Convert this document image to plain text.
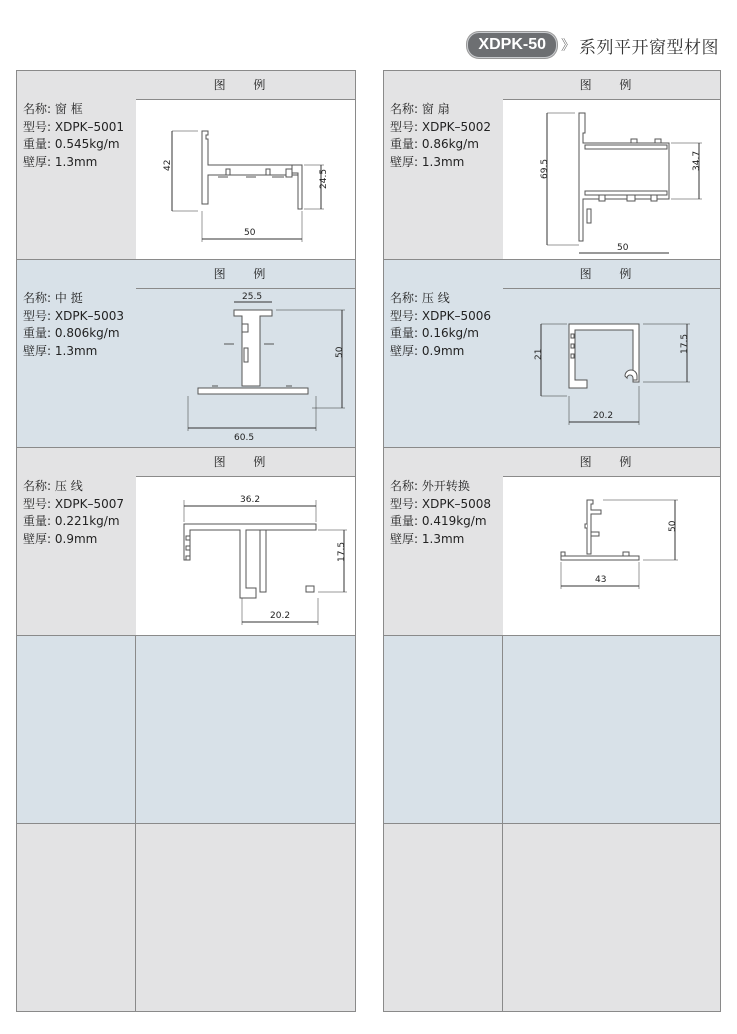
XDPK-50	》 系列平开窗型材图
名称: 窗 框
型号: XDPK–5001
重量: 0.545kg/m
壁厚: 1.3mm
图 例
42
24.5
50
名称: 中 挺
型号: XDPK–5003
重量: 0.806kg/m
壁厚: 1.3mm
图 例
25.5
50
60.5
名称: 压 线
型号: XDPK–5007
重量: 0.221kg/m
壁厚: 0.9mm
图 例
36.2
17.5
20.2
名称: 窗 扇
型号: XDPK–5002
重量: 0.86kg/m
壁厚: 1.3mm
图 例
69.5	34.7
50
名称: 压 线
型号: XDPK–5006
重量: 0.16kg/m
壁厚: 0.9mm
图 例
21
17.5
20.2
名称: 外开转换
型号: XDPK–5008
重量: 0.419kg/m
壁厚: 1.3mm
图 例
50
43
